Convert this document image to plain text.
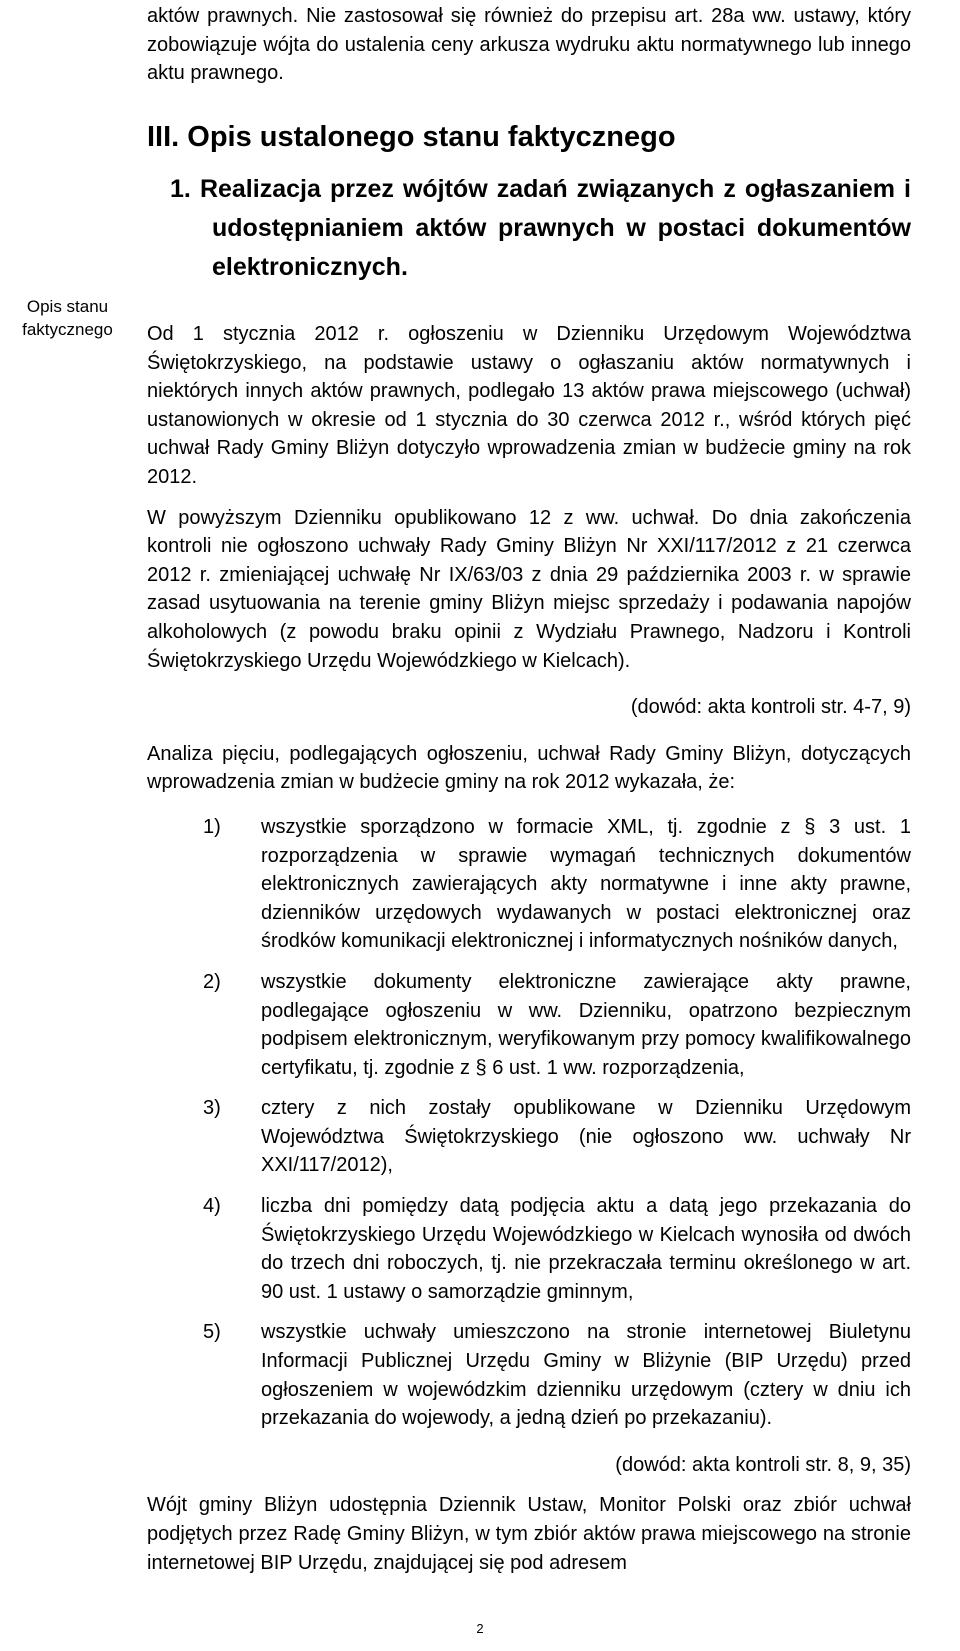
Opis stanu
faktycznego

aktów prawnych. Nie zastosował się również do przepisu art. 28a ww. ustawy, który zobowiązuje wójta do ustalenia ceny arkusza wydruku aktu normatywnego lub innego aktu prawnego.

III. Opis ustalonego stanu faktycznego
1. Realizacja przez wójtów zadań związanych z ogłaszaniem i udostępnianiem aktów prawnych w postaci dokumentów elektronicznych.

Od 1 stycznia 2012 r. ogłoszeniu w Dzienniku Urzędowym Województwa Świętokrzyskiego, na podstawie ustawy o ogłaszaniu aktów normatywnych i niektórych innych aktów prawnych, podlegało 13 aktów prawa miejscowego (uchwał) ustanowionych w okresie od 1 stycznia do 30 czerwca 2012 r., wśród których pięć uchwał Rady Gminy Bliżyn dotyczyło wprowadzenia zmian w budżecie gminy na rok 2012.

W powyższym Dzienniku opublikowano 12 z ww. uchwał. Do dnia zakończenia kontroli nie ogłoszono uchwały Rady Gminy Bliżyn Nr XXI/117/2012 z 21 czerwca 2012 r. zmieniającej uchwałę Nr IX/63/03 z dnia 29 października 2003 r. w sprawie zasad usytuowania na terenie gminy Bliżyn miejsc sprzedaży i podawania napojów alkoholowych (z powodu braku opinii z Wydziału Prawnego, Nadzoru i Kontroli Świętokrzyskiego Urzędu Wojewódzkiego w Kielcach).

(dowód: akta kontroli str. 4-7, 9)

Analiza pięciu, podlegających ogłoszeniu, uchwał Rady Gminy Bliżyn, dotyczących wprowadzenia zmian w budżecie gminy na rok 2012 wykazała, że:

1) wszystkie sporządzono w formacie XML, tj. zgodnie z § 3 ust. 1 rozporządzenia w sprawie wymagań technicznych dokumentów elektronicznych zawierających akty normatywne i inne akty prawne, dzienników urzędowych wydawanych w postaci elektronicznej oraz środków komunikacji elektronicznej i informatycznych nośników danych,
2) wszystkie dokumenty elektroniczne zawierające akty prawne, podlegające ogłoszeniu w ww. Dzienniku, opatrzono bezpiecznym podpisem elektronicznym, weryfikowanym przy pomocy kwalifikowalnego certyfikatu, tj. zgodnie z § 6 ust. 1 ww. rozporządzenia,
3) cztery z nich zostały opublikowane w Dzienniku Urzędowym Województwa Świętokrzyskiego (nie ogłoszono ww. uchwały Nr XXI/117/2012),
4) liczba dni pomiędzy datą podjęcia aktu a datą jego przekazania do Świętokrzyskiego Urzędu Wojewódzkiego w Kielcach wynosiła od dwóch do trzech dni roboczych, tj. nie przekraczała terminu określonego w art. 90 ust. 1 ustawy o samorządzie gminnym,
5) wszystkie uchwały umieszczono na stronie internetowej Biuletynu Informacji Publicznej Urzędu Gminy w Bliżynie (BIP Urzędu) przed ogłoszeniem w wojewódzkim dzienniku urzędowym (cztery w dniu ich przekazania do wojewody, a jedną dzień po przekazaniu).

(dowód: akta kontroli str. 8, 9, 35)

Wójt gminy Bliżyn udostępnia Dziennik Ustaw, Monitor Polski oraz zbiór uchwał podjętych przez Radę Gminy Bliżyn, w tym zbiór aktów prawa miejscowego na stronie internetowej BIP Urzędu, znajdującej się pod adresem

2
